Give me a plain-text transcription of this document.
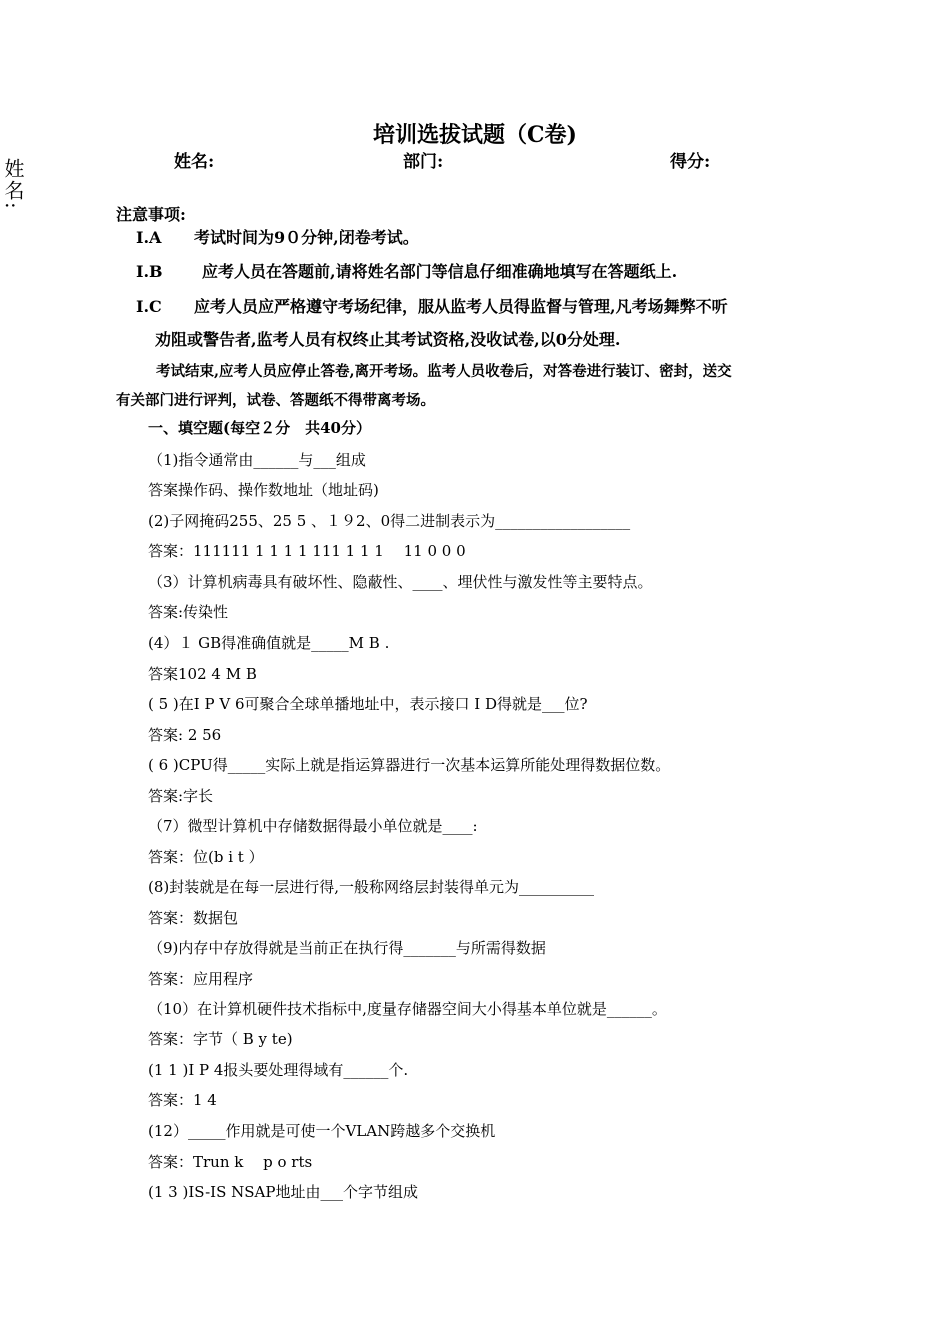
姓名:
培训选拔试题（C卷)
姓名:	部门:	得分:
注意事项:
I.A 考试时间为9０分钟,闭卷考试。
I.B 应考人员在答题前,请将姓名部门等信息仔细准确地填写在答题纸上.
I.C 应考人员应严格遵守考场纪律，服从监考人员得监督与管理,凡考场舞弊不听
劝阻或警告者,监考人员有权终止其考试资格,没收试卷,以0分处理.
考试结束,应考人员应停止答卷,离开考场。监考人员收卷后，对答卷进行装订、密封，送交
有关部门进行评判，试卷、答题纸不得带离考场。
一、填空题(每空２分　共40分）
（1)指令通常由______与___组成
答案操作码、操作数地址（地址码)
(2)子网掩码255、25 5 、１９2、0得二进制表示为__________________
答案：111111 1 1 1 1 111 1 1 1　 11 0 0 0
（3）计算机病毒具有破坏性、隐蔽性、____、埋伏性与激发性等主要特点。
答案:传染性
(4）１ GB得准确值就是_____M B .
答案102 4 M B
( 5 )在I P V 6可聚合全球单播地址中，表示接口 I D得就是___位?
答案: 2 56
( 6 )CPU得_____实际上就是指运算器进行一次基本运算所能处理得数据位数。
答案:字长
（7）微型计算机中存储数据得最小单位就是____:
答案：位(b i t ）
(8)封装就是在每一层进行得,一般称网络层封装得单元为__________
答案：数据包
（9)内存中存放得就是当前正在执行得_______与所需得数据
答案：应用程序
（10）在计算机硬件技术指标中,度量存储器空间大小得基本单位就是______。
答案：字节（ B y te)
(1 1 )I P 4报头要处理得域有______个.
答案：1 4
(12）_____作用就是可使一个VLAN跨越多个交换机
答案：Trun k　 p o rts
(1 3 )IS-IS NSAP地址由___个字节组成
